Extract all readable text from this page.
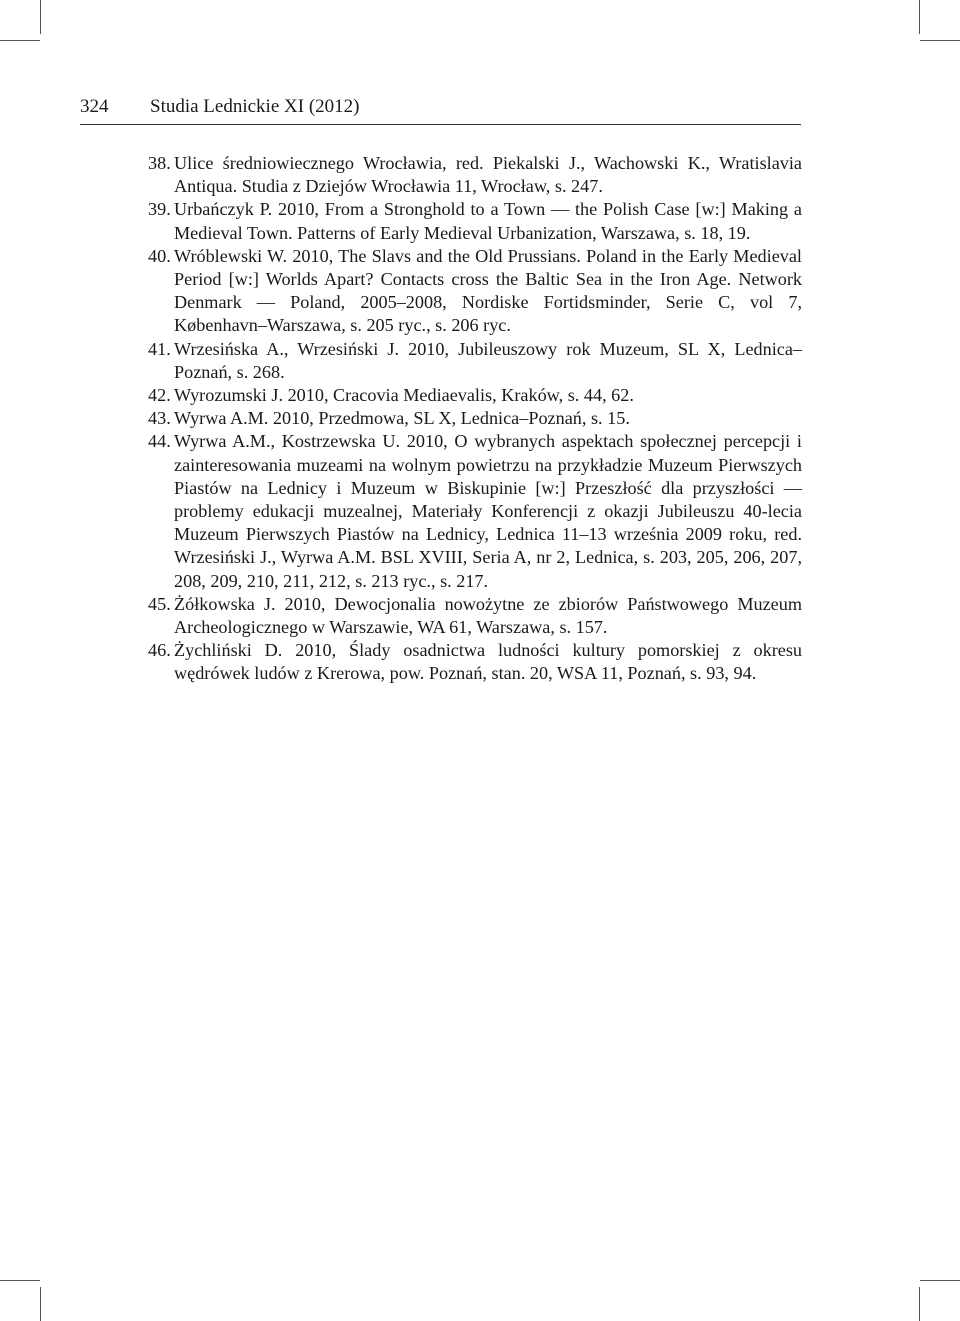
324 Studia Lednickie XI (2012)
38. Ulice średniowiecznego Wrocławia, red. Piekalski J., Wachowski K., Wratislavia Antiqua. Studia z Dziejów Wrocławia 11, Wrocław, s. 247.
39. Urbańczyk P. 2010, From a Stronghold to a Town — the Polish Case [w:] Making a Medieval Town. Patterns of Early Medieval Urbanization, Warszawa, s. 18, 19.
40. Wróblewski W. 2010, The Slavs and the Old Prussians. Poland in the Early Medieval Period [w:] Worlds Apart? Contacts cross the Baltic Sea in the Iron Age. Network Denmark — Poland, 2005–2008, Nordiske Fortidsminder, Serie C, vol 7, København–Warszawa, s. 205 ryc., s. 206 ryc.
41. Wrzesińska A., Wrzesiński J. 2010, Jubileuszowy rok Muzeum, SL X, Lednica–Poznań, s. 268.
42. Wyrozumski J. 2010, Cracovia Mediaevalis, Kraków, s. 44, 62.
43. Wyrwa A.M. 2010, Przedmowa, SL X, Lednica–Poznań, s. 15.
44. Wyrwa A.M., Kostrzewska U. 2010, O wybranych aspektach społecznej percepcji i zainteresowania muzeami na wolnym powietrzu na przykładzie Muzeum Pierwszych Piastów na Lednicy i Muzeum w Biskupinie [w:] Przeszłość dla przyszłości — problemy edukacji muzealnej, Materiały Konferencji z okazji Jubileuszu 40-lecia Muzeum Pierwszych Piastów na Lednicy, Lednica 11–13 września 2009 roku, red. Wrzesiński J., Wyrwa A.M. BSL XVIII, Seria A, nr 2, Lednica, s. 203, 205, 206, 207, 208, 209, 210, 211, 212, s. 213 ryc., s. 217.
45. Żółkowska J. 2010, Dewocjonalia nowożytne ze zbiorów Państwowego Muzeum Archeologicznego w Warszawie, WA 61, Warszawa, s. 157.
46. Żychliński D. 2010, Ślady osadnictwa ludności kultury pomorskiej z okresu wędrówek ludów z Krerowa, pow. Poznań, stan. 20, WSA 11, Poznań, s. 93, 94.
